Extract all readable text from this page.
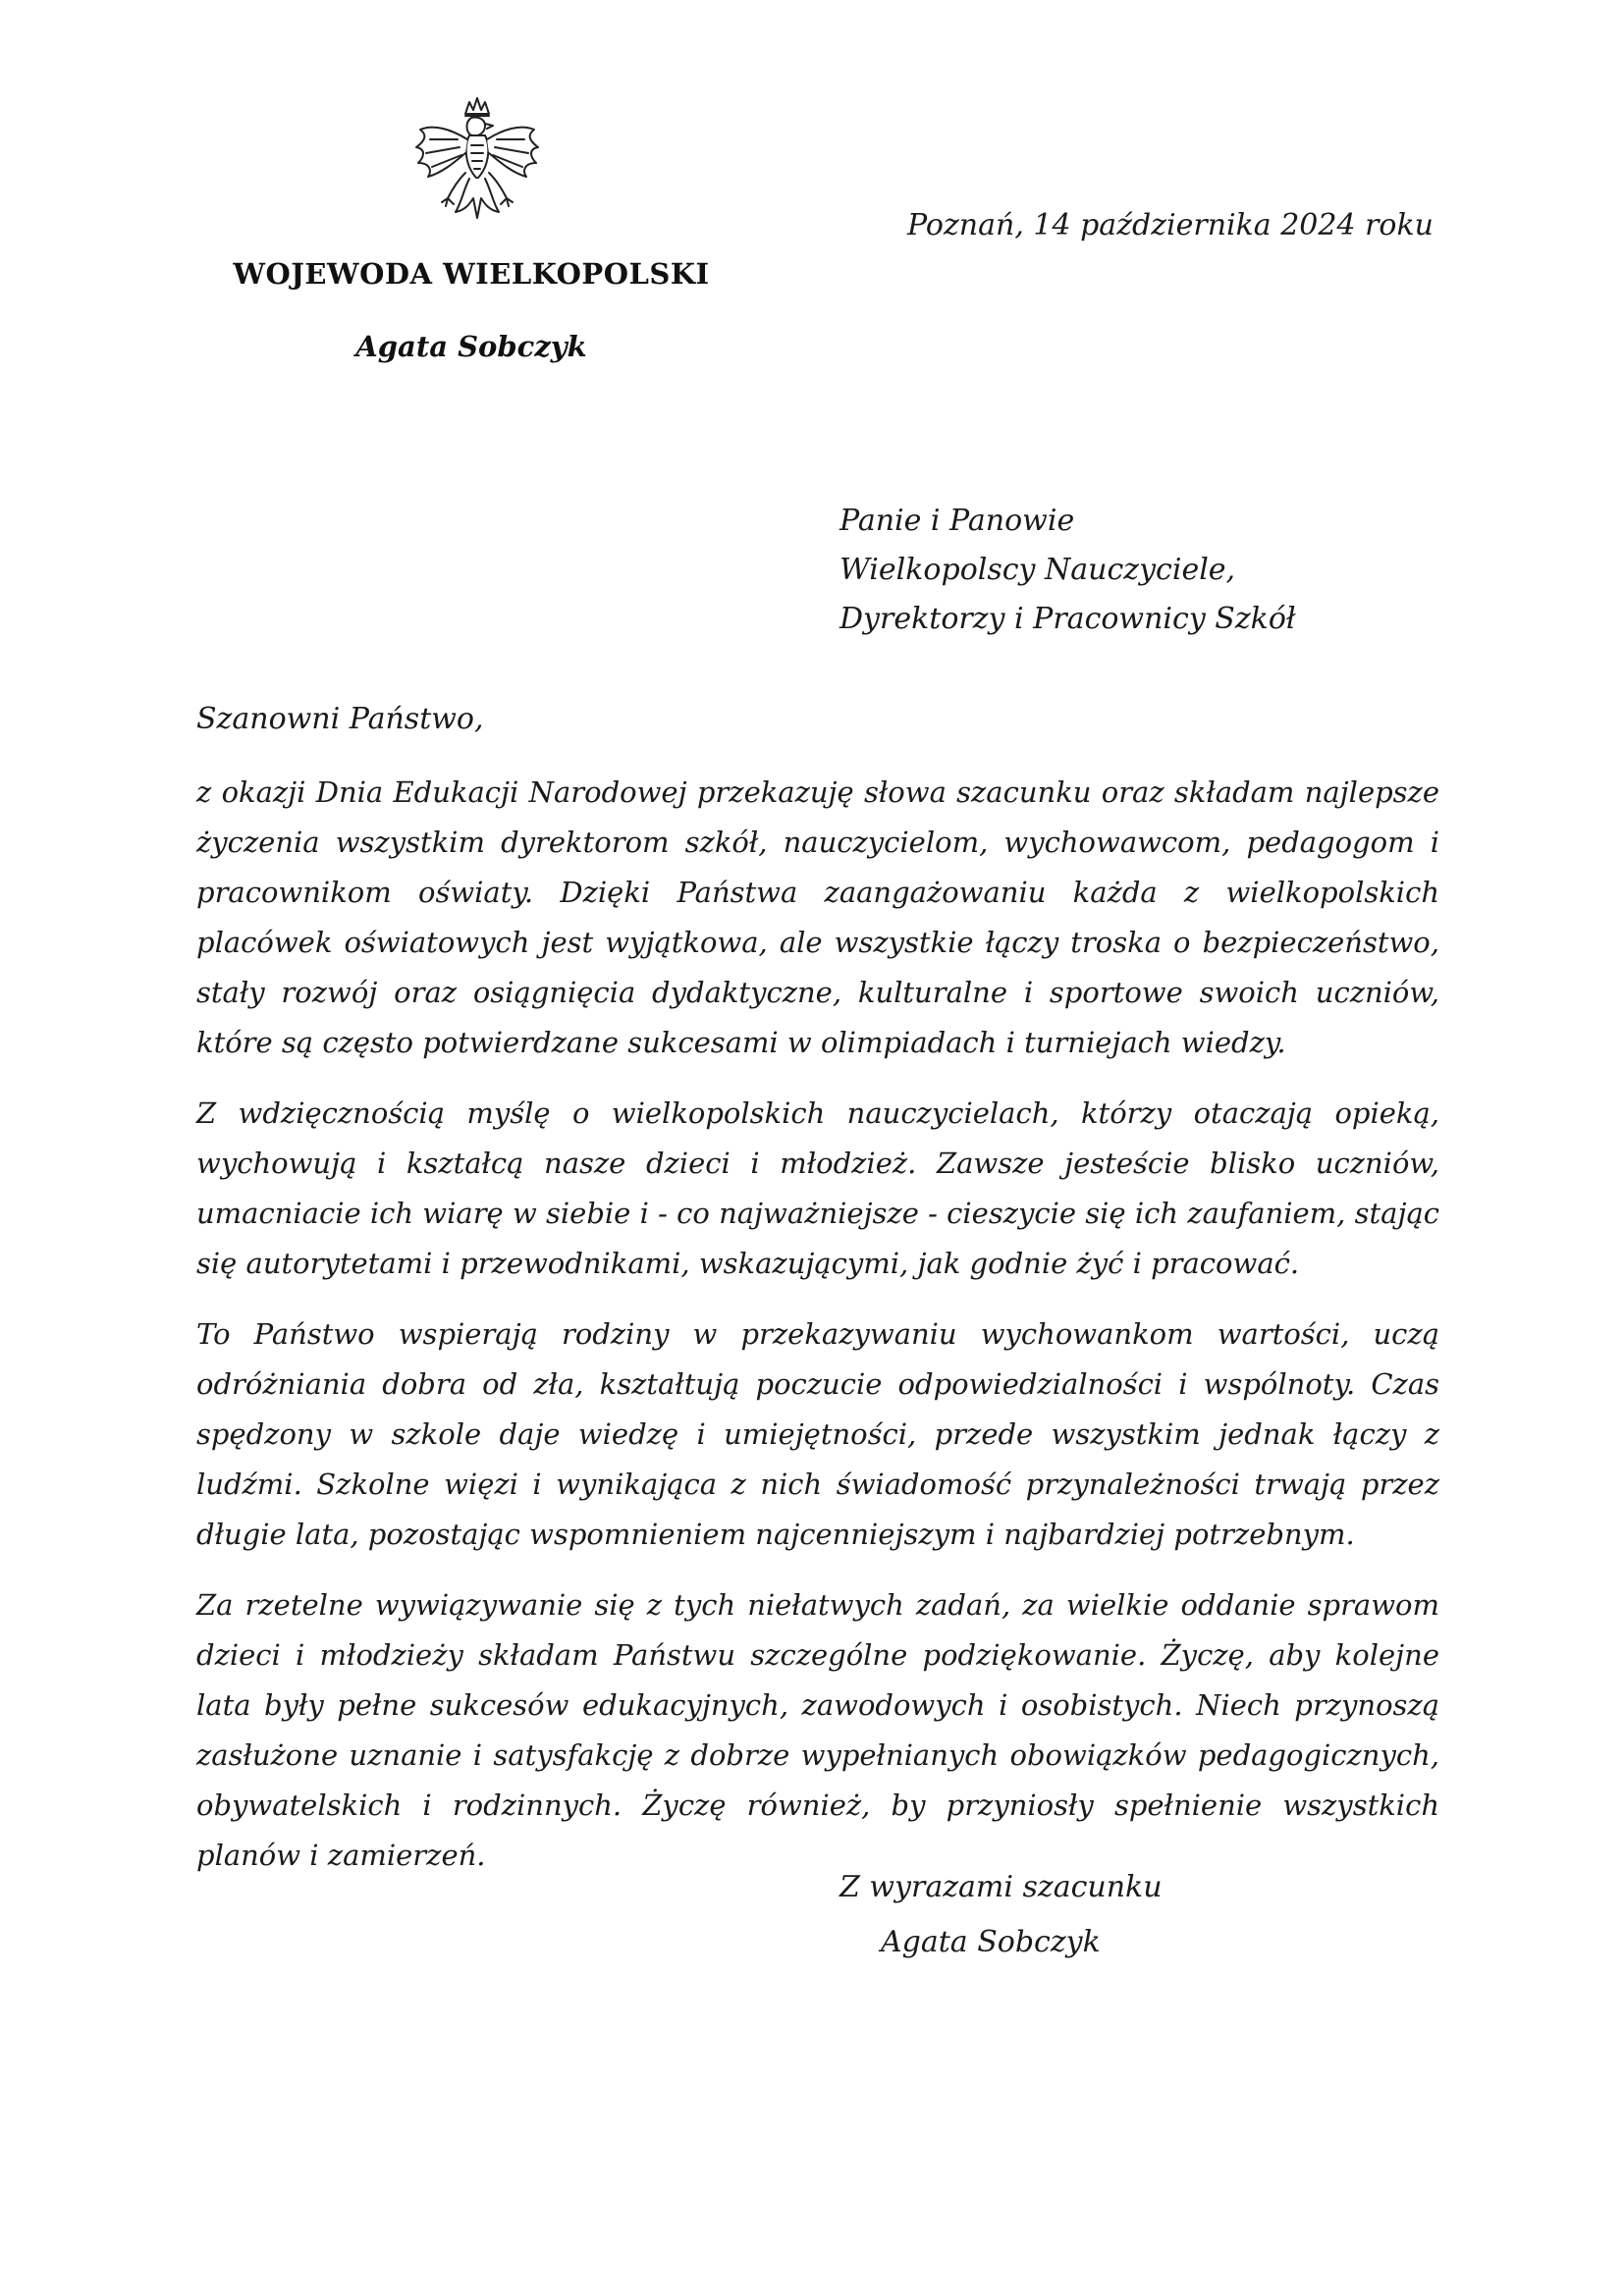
WOJEWODA WIELKOPOLSKI
Agata Sobczyk
Poznań, 14 października 2024 roku
Panie i Panowie
Wielkopolscy Nauczyciele,
Dyrektorzy i Pracownicy Szkół
Szanowni Państwo,

z okazji Dnia Edukacji Narodowej przekazuję słowa szacunku oraz składam najlepsze życzenia wszystkim dyrektorom szkół, nauczycielom, wychowawcom, pedagogom i pracownikom oświaty. Dzięki Państwa zaangażowaniu każda z wielkopolskich placówek oświatowych jest wyjątkowa, ale wszystkie łączy troska o bezpieczeństwo, stały rozwój oraz osiągnięcia dydaktyczne, kulturalne i sportowe swoich uczniów, które są często potwierdzane sukcesami w olimpiadach i turniejach wiedzy.

Z wdzięcznością myślę o wielkopolskich nauczycielach, którzy otaczają opieką, wychowują i kształcą nasze dzieci i młodzież. Zawsze jesteście blisko uczniów, umacniacie ich wiarę w siebie i - co najważniejsze - cieszycie się ich zaufaniem, stając się autorytetami i przewodnikami, wskazującymi, jak godnie żyć i pracować.

To Państwo wspierają rodziny w przekazywaniu wychowankom wartości, uczą odróżniania dobra od zła, kształtują poczucie odpowiedzialności i wspólnoty. Czas spędzony w szkole daje wiedzę i umiejętności, przede wszystkim jednak łączy z ludźmi. Szkolne więzi i wynikająca z nich świadomość przynależności trwają przez długie lata, pozostając wspomnieniem najcenniejszym i najbardziej potrzebnym.

Za rzetelne wywiązywanie się z tych niełatwych zadań, za wielkie oddanie sprawom dzieci i młodzieży składam Państwu szczególne podziękowanie. Życzę, aby kolejne lata były pełne sukcesów edukacyjnych, zawodowych i osobistych. Niech przynoszą zasłużone uznanie i satysfakcję z dobrze wypełnianych obowiązków pedagogicznych, obywatelskich i rodzinnych. Życzę również, by przyniosły spełnienie wszystkich planów i zamierzeń.

Z wyrazami szacunku
Agata Sobczyk
